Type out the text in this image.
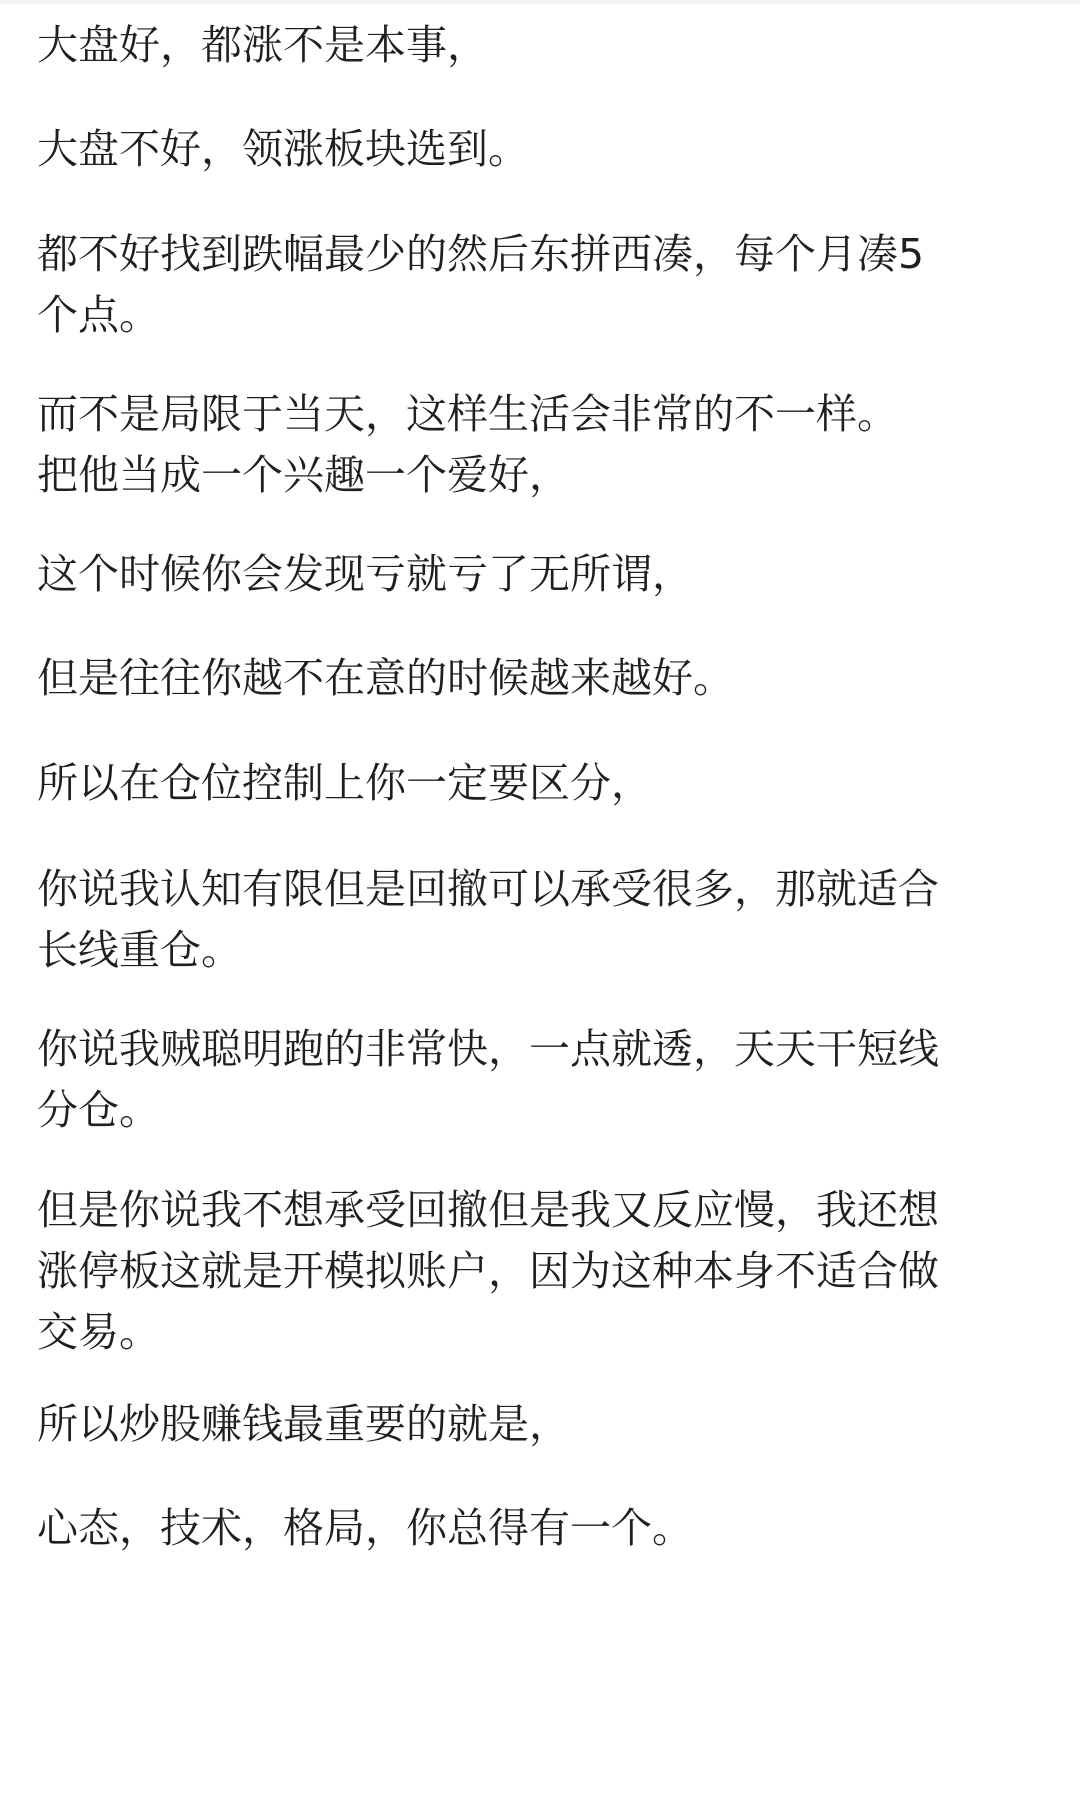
大盘好，都涨不是本事，

大盘不好，领涨板块选到。

都不好找到跌幅最少的然后东拼西凑，每个月凑5
个点。

而不是局限于当天，这样生活会非常的不一样。
把他当成一个兴趣一个爱好，

这个时候你会发现亏就亏了无所谓，

但是往往你越不在意的时候越来越好。

所以在仓位控制上你一定要区分，

你说我认知有限但是回撤可以承受很多，那就适合
长线重仓。

你说我贼聪明跑的非常快，一点就透，天天干短线
分仓。

但是你说我不想承受回撤但是我又反应慢，我还想
涨停板这就是开模拟账户，因为这种本身不适合做
交易。

所以炒股赚钱最重要的就是，

心态，技术，格局，你总得有一个。
